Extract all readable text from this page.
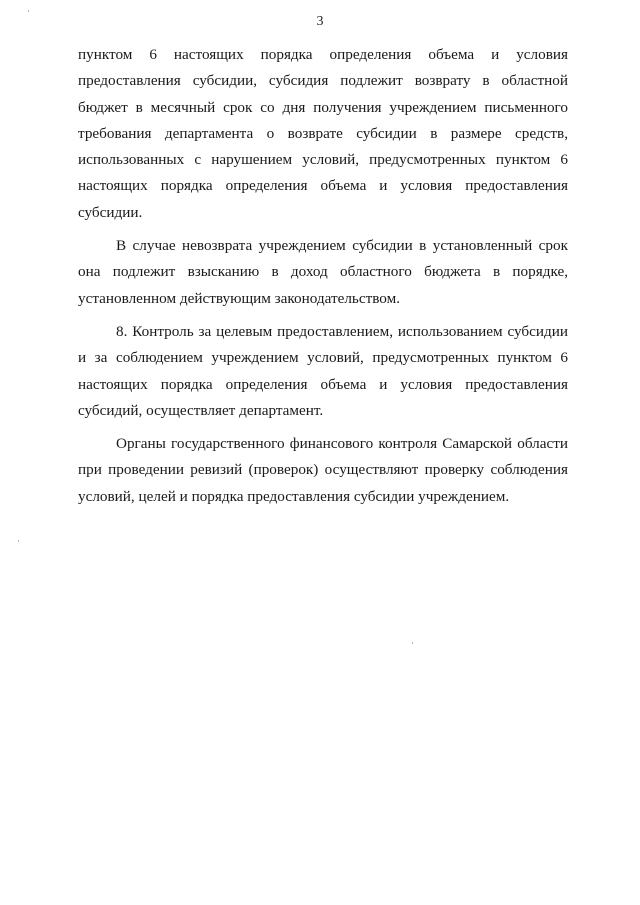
3

пунктом 6 настоящих порядка определения объема и условия предоставления субсидии, субсидия подлежит возврату в областной бюджет в месячный срок со дня получения учреждением письменного требования департамента о возврате субсидии в размере средств, использованных с нарушением условий, предусмотренных пунктом 6 настоящих порядка определения объема и условия предоставления субсидии.

В случае невозврата учреждением субсидии в установленный срок она подлежит взысканию в доход областного бюджета в порядке, установленном действующим законодательством.

8. Контроль за целевым предоставлением, использованием субсидии и за соблюдением учреждением условий, предусмотренных пунктом 6 настоящих порядка определения объема и условия предоставления субсидий, осуществляет департамент.

Органы государственного финансового контроля Самарской области при проведении ревизий (проверок) осуществляют проверку соблюдения условий, целей и порядка предоставления субсидии учреждением.
